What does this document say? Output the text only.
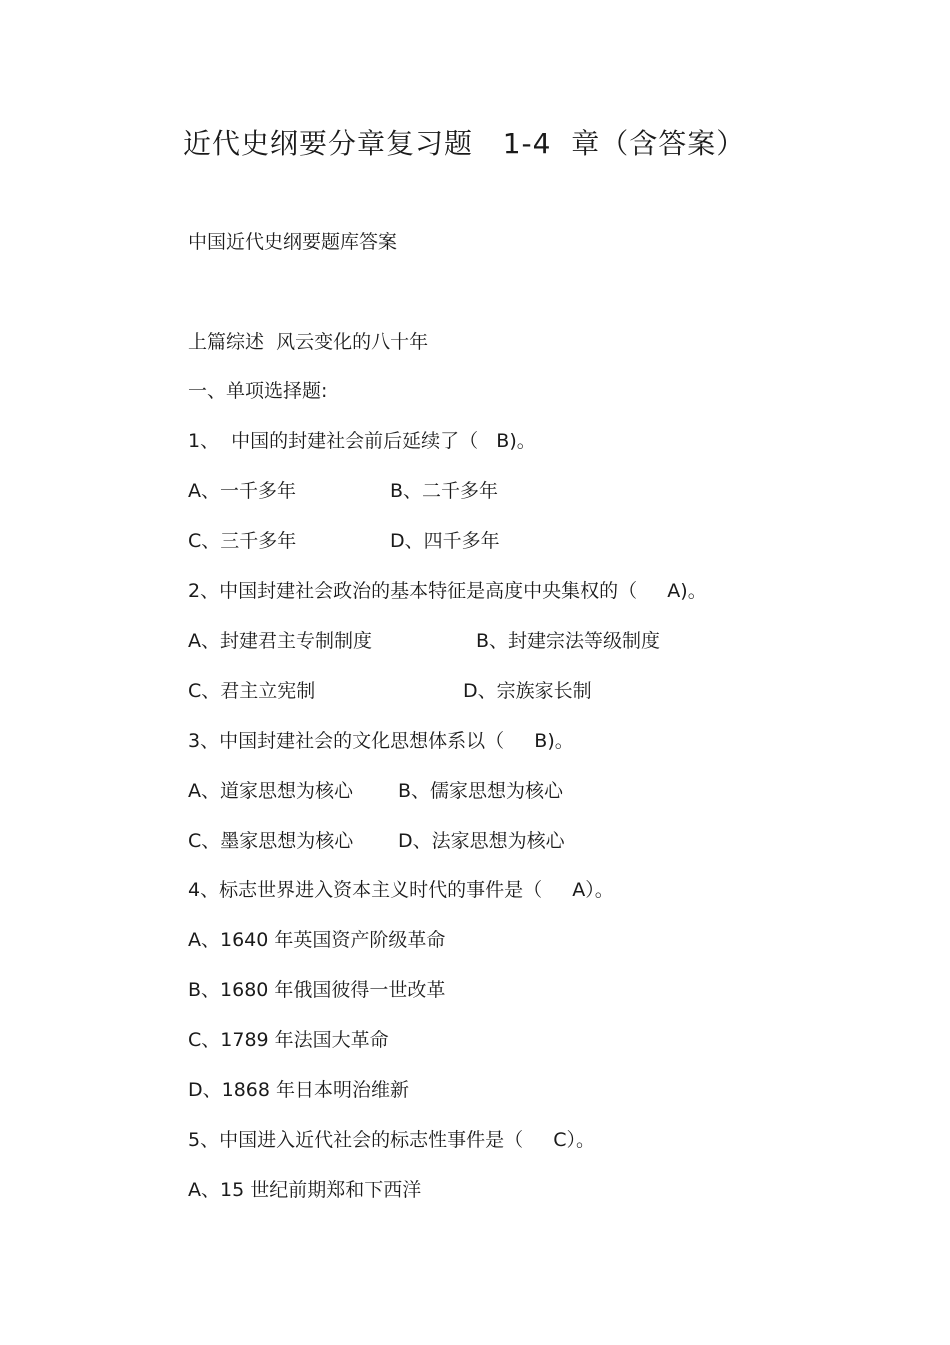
近代史纲要分章复习题   1-4  章（含答案）
中国近代史纲要题库答案
上篇综述  风云变化的八十年
一、单项选择题:
1、  中国的封建社会前后延续了（   B)。
A、一千多年	B、二千多年
C、三千多年	D、四千多年
2、中国封建社会政治的基本特征是高度中央集权的（     A)。
A、封建君主专制制度	B、封建宗法等级制度
C、君主立宪制	D、宗族家长制
3、中国封建社会的文化思想体系以（     B)。
A、道家思想为核心 B、儒家思想为核心
C、墨家思想为核心 D、法家思想为核心
4、标志世界进入资本主义时代的事件是（     A）。
A、1640 年英国资产阶级革命
B、1680 年俄国彼得一世改革
C、1789 年法国大革命
D、1868 年日本明治维新
5、中国进入近代社会的标志性事件是（     C）。
A、15 世纪前期郑和下西洋
